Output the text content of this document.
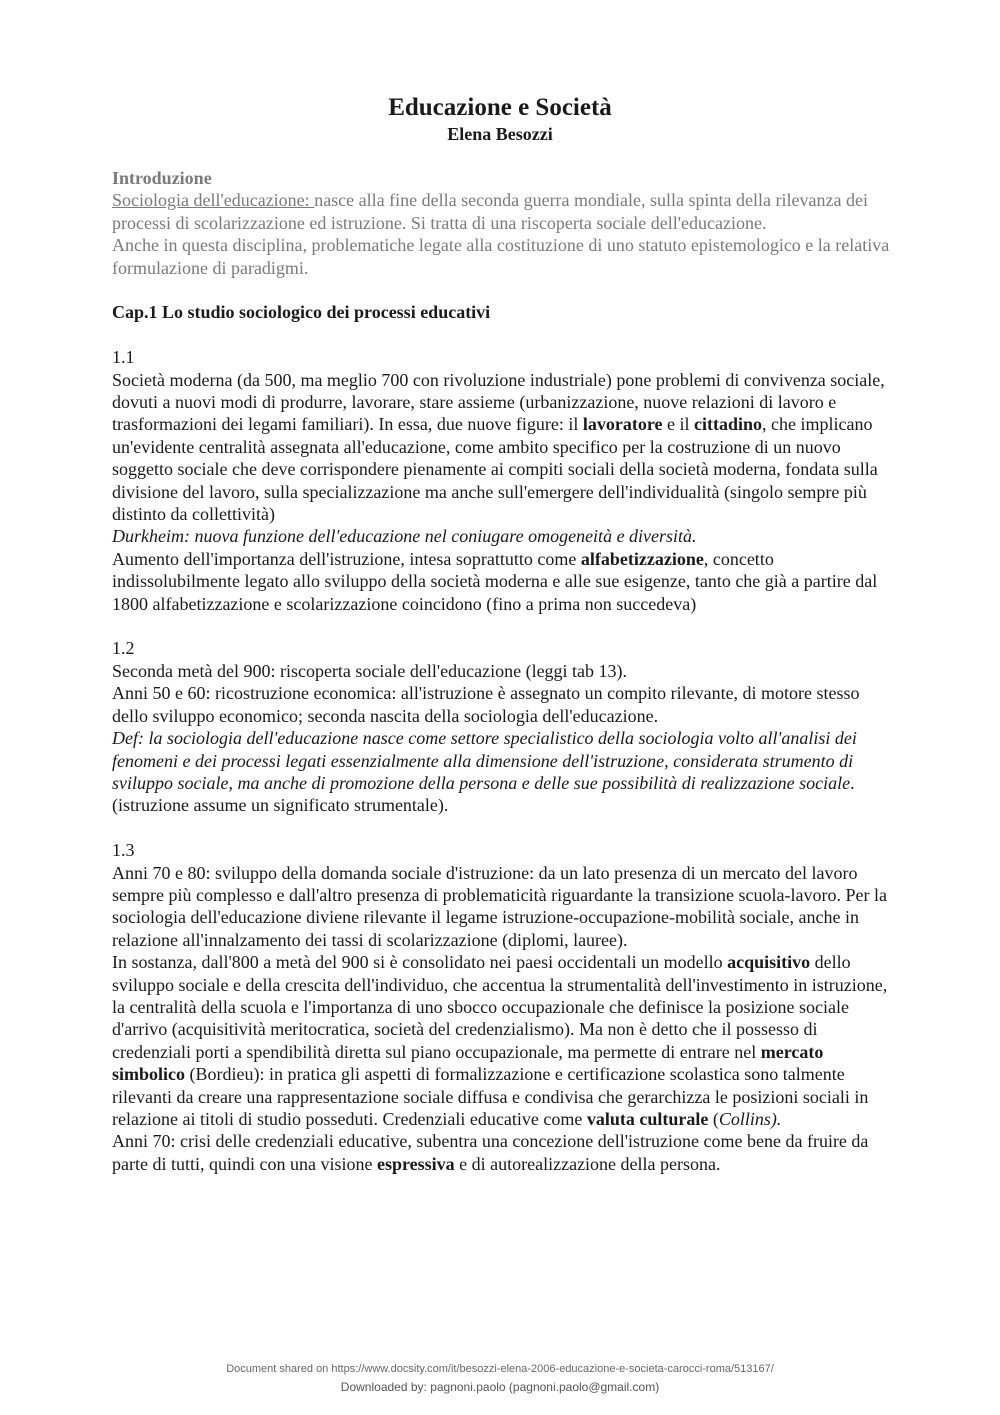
Educazione e Società
Elena Besozzi

Introduzione

Sociologia dell'educazione: nasce alla fine della seconda guerra mondiale, sulla spinta della rilevanza dei processi di scolarizzazione ed istruzione. Si tratta di una riscoperta sociale dell'educazione.

Anche in questa disciplina, problematiche legate alla costituzione di uno statuto epistemologico e la relativa formulazione di paradigmi.

Cap.1 Lo studio sociologico dei processi educativi

1.1

Società moderna (da 500, ma meglio 700 con rivoluzione industriale) pone problemi di convivenza sociale, dovuti a nuovi modi di produrre, lavorare, stare assieme (urbanizzazione, nuove relazioni di lavoro e trasformazioni dei legami familiari). In essa, due nuove figure: il lavoratore e il cittadino, che implicano un'evidente centralità assegnata all'educazione, come ambito specifico per la costruzione di un nuovo soggetto sociale che deve corrispondere pienamente ai compiti sociali della società moderna, fondata sulla divisione del lavoro, sulla specializzazione ma anche sull'emergere dell'individualità (singolo sempre più distinto da collettività)

Durkheim: nuova funzione dell'educazione nel coniugare omogeneità e diversità.

Aumento dell'importanza dell'istruzione, intesa soprattutto come alfabetizzazione, concetto indissolubilmente legato allo sviluppo della società moderna e alle sue esigenze, tanto che già a partire dal 1800 alfabetizzazione e scolarizzazione coincidono (fino a prima non succedeva)

1.2

Seconda metà del 900: riscoperta sociale dell'educazione (leggi tab 13).

Anni 50 e 60: ricostruzione economica: all'istruzione è assegnato un compito rilevante, di motore stesso dello sviluppo economico; seconda nascita della sociologia dell'educazione.

Def: la sociologia dell'educazione nasce come settore specialistico della sociologia volto all'analisi dei fenomeni e dei processi legati essenzialmente alla dimensione dell'istruzione, considerata strumento di sviluppo sociale, ma anche di promozione della persona e delle sue possibilità di realizzazione sociale. (istruzione assume un significato strumentale).

1.3

Anni 70 e 80: sviluppo della domanda sociale d'istruzione: da un lato presenza di un mercato del lavoro sempre più complesso e dall'altro presenza di problematicità riguardante la transizione scuola-lavoro. Per la sociologia dell'educazione diviene rilevante il legame istruzione-occupazione-mobilità sociale, anche in relazione all'innalzamento dei tassi di scolarizzazione (diplomi, lauree).

In sostanza, dall'800 a metà del 900 si è consolidato nei paesi occidentali un modello acquisitivo dello sviluppo sociale e della crescita dell'individuo, che accentua la strumentalità dell'investimento in istruzione, la centralità della scuola e l'importanza di uno sbocco occupazionale che definisce la posizione sociale d'arrivo (acquisitività meritocratica, società del credenzialismo). Ma non è detto che il possesso di credenziali porti a spendibilità diretta sul piano occupazionale, ma permette di entrare nel mercato simbolico (Bordieu): in pratica gli aspetti di formalizzazione e certificazione scolastica sono talmente rilevanti da creare una rappresentazione sociale diffusa e condivisa che gerarchizza le posizioni sociali in relazione ai titoli di studio posseduti. Credenziali educative come valuta culturale (Collins).

Anni 70: crisi delle credenziali educative, subentra una concezione dell'istruzione come bene da fruire da parte di tutti, quindi con una visione espressiva e di autorealizzazione della persona.

Document shared on https://www.docsity.com/it/besozzi-elena-2006-educazione-e-societa-carocci-roma/513167/
Downloaded by: pagnoni.paolo (pagnoni.paolo@gmail.com)
